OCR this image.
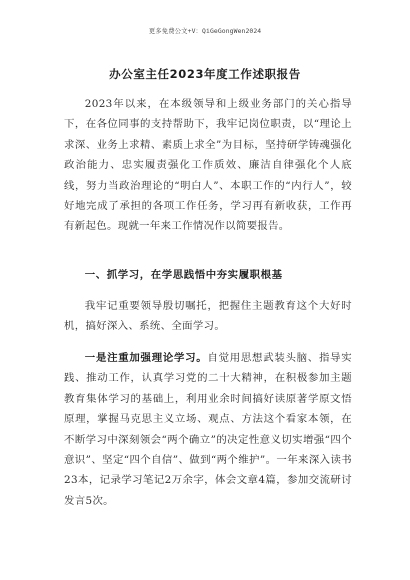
更多免费公文+V：QiGeGongWen2024
办公室主任2023年度工作述职报告

2023年以来，在本级领导和上级业务部门的关心指导下，在各位同事的支持帮助下，我牢记岗位职责，以“理论上求深、业务上求精、素质上求全”为目标，坚持研学铸魂强化政治能力、忠实履责强化工作质效、廉洁自律强化个人底线，努力当政治理论的“明白人”、本职工作的“内行人”，较好地完成了承担的各项工作任务，学习再有新收获，工作再有新起色。现就一年来工作情况作以简要报告。

一、抓学习，在学思践悟中夯实履职根基

我牢记重要领导殷切嘱托，把握住主题教育这个大好时机，搞好深入、系统、全面学习。

一是注重加强理论学习。自觉用思想武装头脑、指导实践、推动工作，认真学习党的二十大精神，在积极参加主题教育集体学习的基础上，利用业余时间搞好读原著学原文悟原理，掌握马克思主义立场、观点、方法这个看家本领，在不断学习中深刻领会“两个确立”的决定性意义切实增强“四个意识”、坚定“四个自信”、做到“两个维护”。一年来深入读书23本，记录学习笔记2万余字，体会文章4篇，参加交流研讨发言5次。
